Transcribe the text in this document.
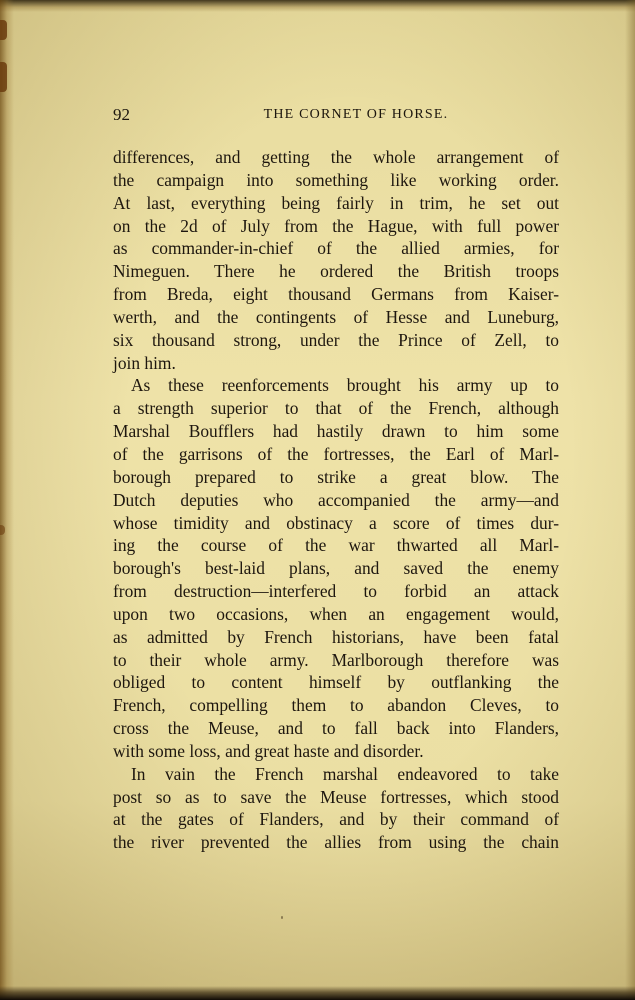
92	THE CORNET OF HORSE.
differences, and getting the whole arrangement of
the campaign into something like working order.
At last, everything being fairly in trim, he set out
on the 2d of July from the Hague, with full power
as commander-in-chief of the allied armies, for
Nimeguen. There he ordered the British troops
from Breda, eight thousand Germans from Kaiser-
werth, and the contingents of Hesse and Luneburg,
six thousand strong, under the Prince of Zell, to
join him.
As these reenforcements brought his army up to
a strength superior to that of the French, although
Marshal Boufflers had hastily drawn to him some
of the garrisons of the fortresses, the Earl of Marl-
borough prepared to strike a great blow. The
Dutch deputies who accompanied the army—and
whose timidity and obstinacy a score of times dur-
ing the course of the war thwarted all Marl-
borough's best-laid plans, and saved the enemy
from destruction—interfered to forbid an attack
upon two occasions, when an engagement would,
as admitted by French historians, have been fatal
to their whole army. Marlborough therefore was
obliged to content himself by outflanking the
French, compelling them to abandon Cleves, to
cross the Meuse, and to fall back into Flanders,
with some loss, and great haste and disorder.
In vain the French marshal endeavored to take
post so as to save the Meuse fortresses, which stood
at the gates of Flanders, and by their command of
the river prevented the allies from using the chain
